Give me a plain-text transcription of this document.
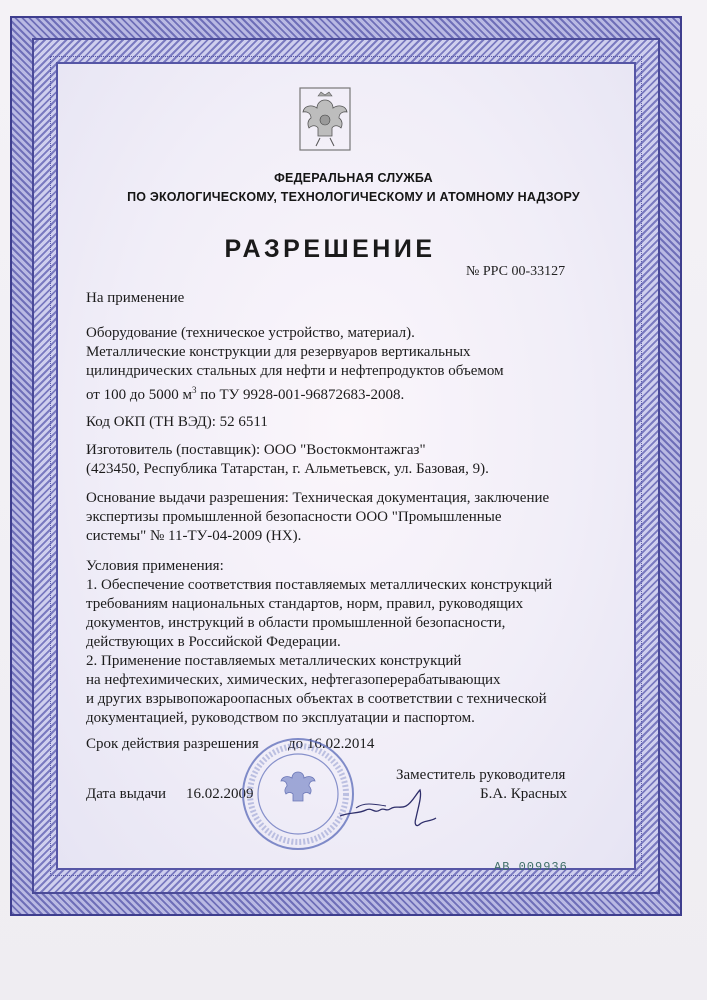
ФЕДЕРАЛЬНАЯ СЛУЖБА
ПО ЭКОЛОГИЧЕСКОМУ, ТЕХНОЛОГИЧЕСКОМУ И АТОМНОМУ НАДЗОРУ
РАЗРЕШЕНИЕ
№ РРС 00-33127
На применение
Оборудование (техническое устройство, материал).
Металлические конструкции для резервуаров вертикальных
цилиндрических стальных для нефти и нефтепродуктов объемом
от 100 до 5000 $м^3$ по ТУ 9928-001-96872683-2008.
Код ОКП (ТН ВЭД): 52 6511
Изготовитель (поставщик): ООО "Востокмонтажгаз"
(423450, Республика Татарстан, г. Альметьевск, ул. Базовая, 9).
Основание выдачи разрешения: Техническая документация, заключение
экспертизы промышленной безопасности ООО "Промышленные
системы" № 11-ТУ-04-2009 (НХ).
Условия применения:
1. Обеспечение соответствия поставляемых металлических конструкций
требованиям национальных стандартов, норм, правил, руководящих
документов, инструкций в области промышленной безопасности,
действующих в Российской Федерации.
2. Применение поставляемых металлических конструкций
на нефтехимических, химических, нефтегазоперерабатывающих
и других взрывопожароопасных объектах в соответствии с технической
документацией, руководством по эксплуатации и паспортом.
Срок действия разрешения до 16.02.2014
Заместитель руководителя
Дата выдачи 16.02.2009	Б.А. Красных
АВ 009936
